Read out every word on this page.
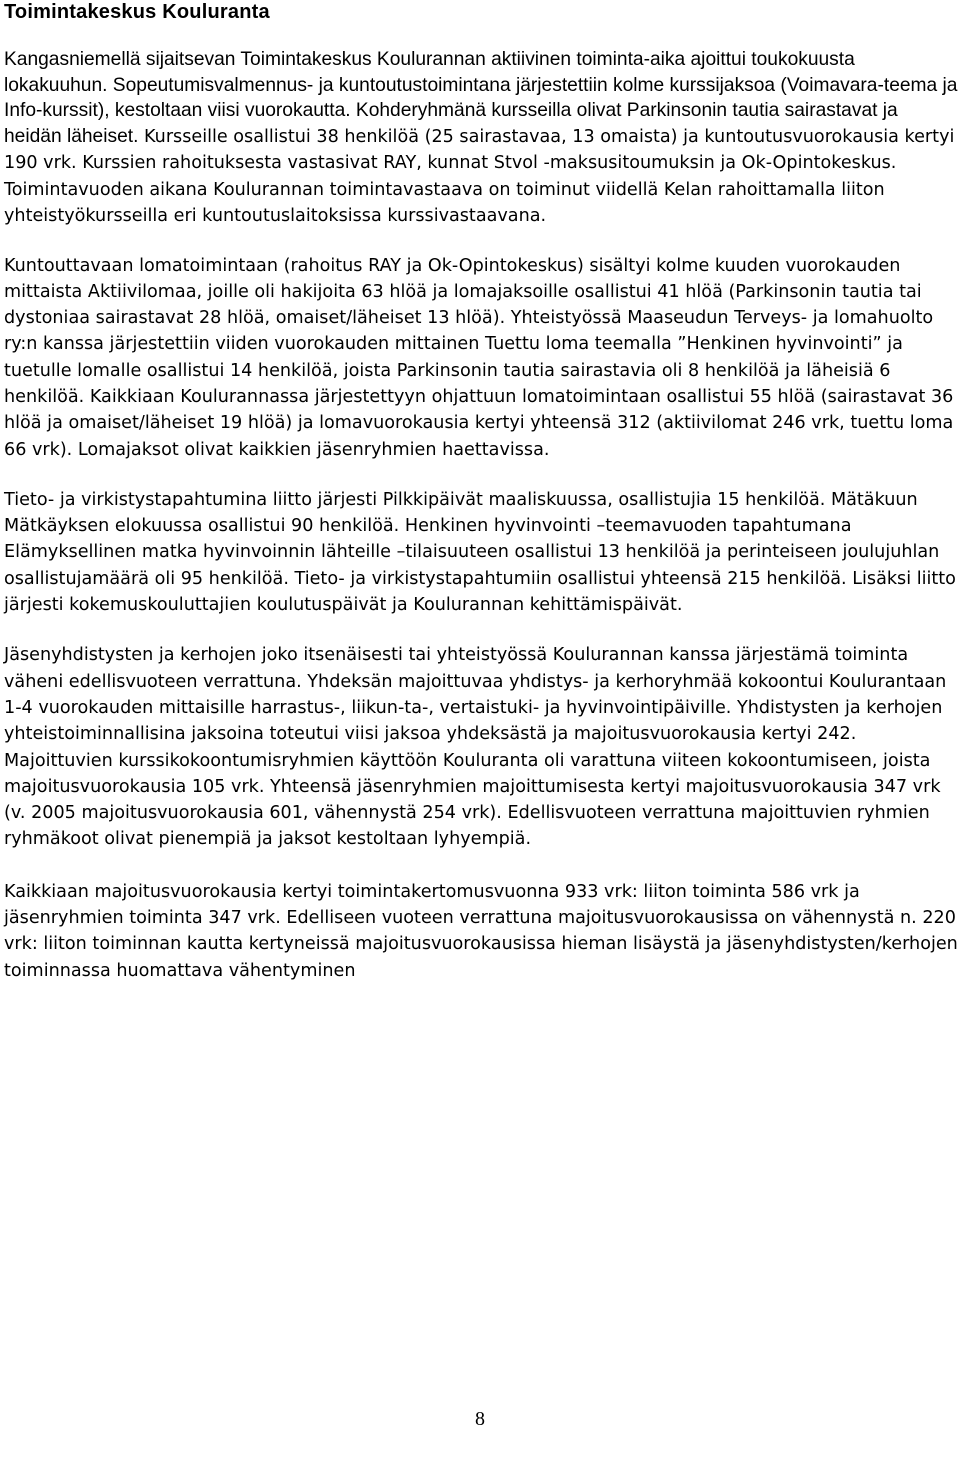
Toimintakeskus Kouluranta

Kangasniemellä sijaitsevan Toimintakeskus Koulurannan aktiivinen toiminta-aika ajoittui toukokuusta lokakuuhun. Sopeutumisvalmennus- ja kuntoutustoimintana järjestettiin kolme kurssijaksoa (Voimavara-teema ja Info-kurssit), kestoltaan viisi vuorokautta. Kohderyhmänä kursseilla olivat Parkinsonin tautia sairastavat ja heidän läheiset. Kursseille osallistui 38 henkilöä (25 sairastavaa, 13 omaista) ja kuntoutusvuorokausia kertyi 190 vrk. Kurssien rahoituksesta vastasivat RAY, kunnat Stvol -maksusitoumuksin ja Ok-Opintokeskus. Toimintavuoden aikana Koulurannan toimintavastaava on toiminut viidellä Kelan rahoittamalla liiton yhteistyökursseilla eri kuntoutuslaitoksissa kurssivastaavana.

Kuntouttavaan lomatoimintaan (rahoitus RAY ja Ok-Opintokeskus) sisältyi kolme kuuden vuorokauden mittaista Aktiivilomaa, joille oli hakijoita 63 hlöä ja lomajaksoille osallistui 41 hlöä (Parkinsonin tautia tai dystoniaa sairastavat 28 hlöä, omaiset/läheiset 13 hlöä). Yhteistyössä Maaseudun Terveys- ja lomahuolto ry:n kanssa järjestettiin viiden vuorokauden mittainen Tuettu loma teemalla ”Henkinen hyvinvointi” ja tuetulle lomalle osallistui 14 henkilöä, joista Parkinsonin tautia sairastavia oli 8 henkilöä ja läheisiä 6 henkilöä. Kaikkiaan Koulurannassa järjestettyyn ohjattuun lomatoimintaan osallistui 55 hlöä (sairastavat 36 hlöä ja omaiset/läheiset 19 hlöä) ja lomavuorokausia kertyi yhteensä 312 (aktiivilomat 246 vrk, tuettu loma 66 vrk). Lomajaksot olivat kaikkien jäsenryhmien haettavissa.

Tieto- ja virkistystapahtumina liitto järjesti Pilkkipäivät maaliskuussa, osallistujia 15 henkilöä. Mätäkuun Mätkäyksen elokuussa osallistui 90 henkilöä. Henkinen hyvinvointi –teemavuoden tapahtumana Elämyksellinen matka hyvinvoinnin lähteille –tilaisuuteen osallistui 13 henkilöä ja perinteiseen joulujuhlan osallistujamäärä oli 95 henkilöä. Tieto- ja virkistystapahtumiin osallistui yhteensä 215 henkilöä. Lisäksi liitto järjesti kokemuskouluttajien koulutuspäivät ja Koulurannan kehittämispäivät.

Jäsenyhdistysten ja kerhojen joko itsenäisesti tai yhteistyössä Koulurannan kanssa järjestämä toiminta väheni edellisvuoteen verrattuna. Yhdeksän majoittuvaa yhdistys- ja kerhoryhmää kokoontui Koulurantaan 1-4 vuorokauden mittaisille harrastus-, liikun-ta-, vertaistuki- ja hyvinvointipäiville. Yhdistysten ja kerhojen yhteistoiminnallisina jaksoina toteutui viisi jaksoa yhdeksästä ja majoitusvuorokausia kertyi 242. Majoittuvien kurssikokoontumisryhmien käyttöön Kouluranta oli varattuna viiteen kokoontumiseen, joista majoitusvuorokausia 105 vrk. Yhteensä jäsenryhmien majoittumisesta kertyi majoitusvuorokausia 347 vrk (v. 2005 majoitusvuorokausia 601, vähennystä 254 vrk). Edellisvuoteen verrattuna majoittuvien ryhmien ryhmäkoot olivat pienempiä ja jaksot kestoltaan lyhyempiä.

Kaikkiaan majoitusvuorokausia kertyi toimintakertomusvuonna 933 vrk: liiton toiminta 586 vrk ja jäsenryhmien toiminta 347 vrk. Edelliseen vuoteen verrattuna majoitusvuorokausissa on vähennystä n. 220 vrk: liiton toiminnan kautta kertyneissä majoitusvuorokausissa hieman lisäystä ja jäsenyhdistysten/kerhojen toiminnassa huomattava vähentyminen

8
